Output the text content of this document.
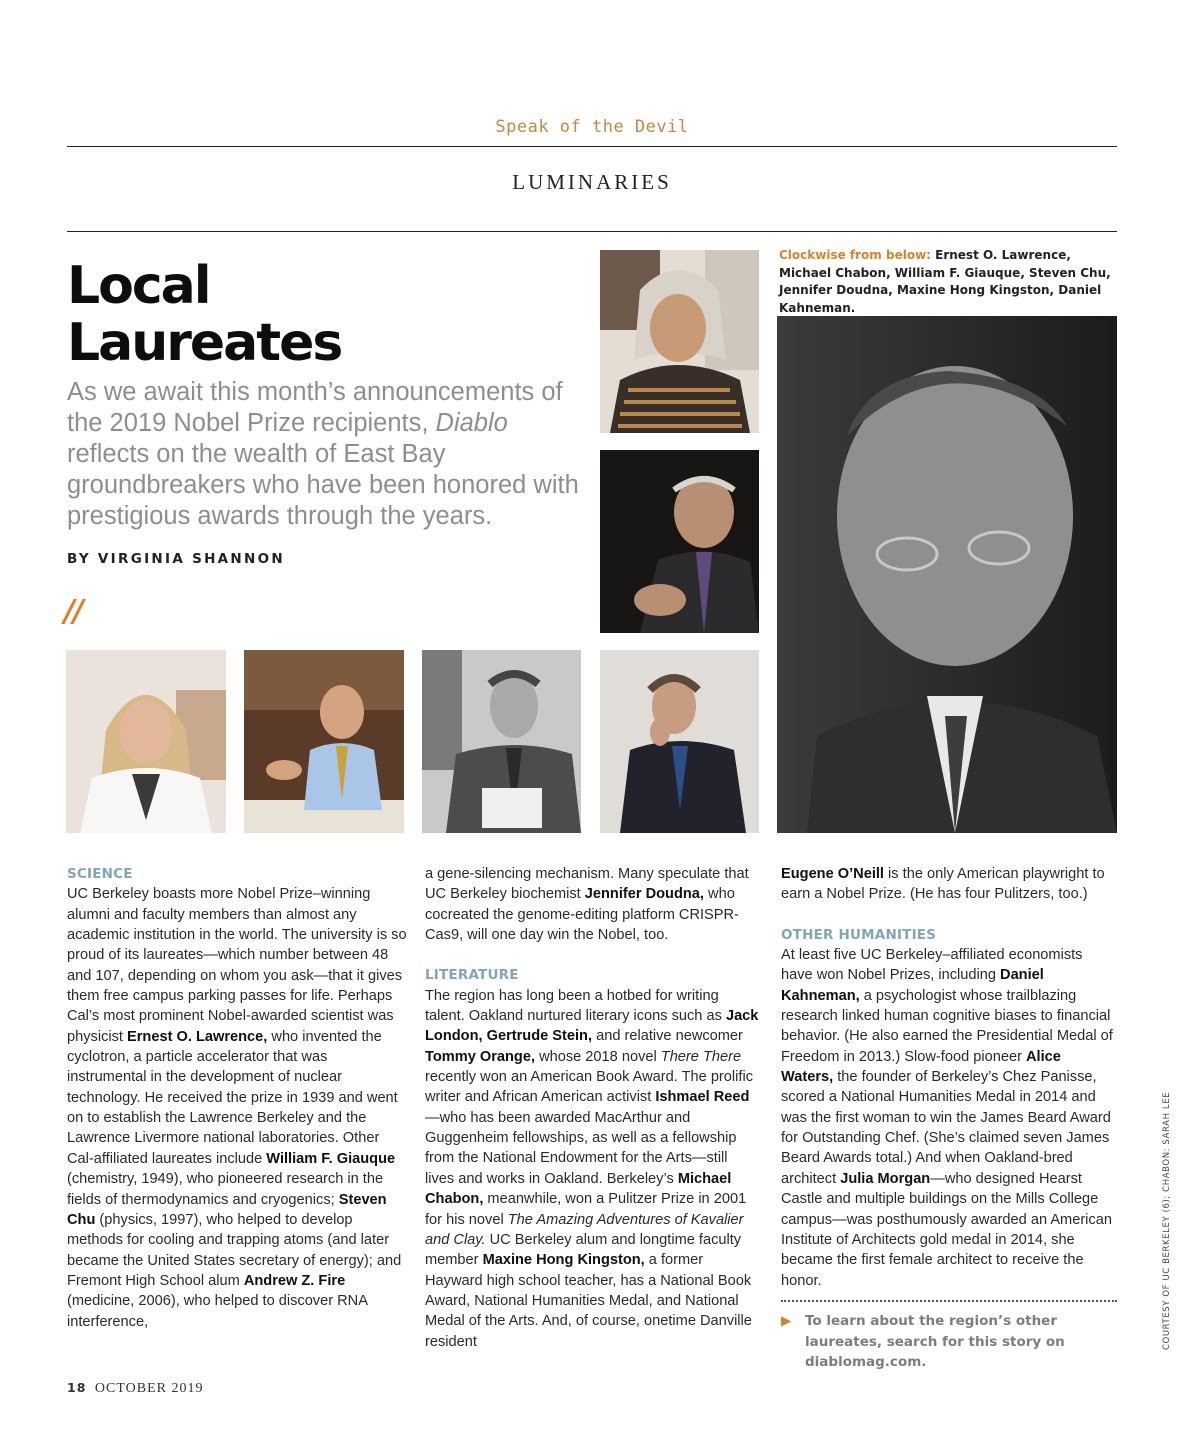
Speak of the Devil
LUMINARIES
Local
Laureates
As we await this month’s announcements of the 2019 Nobel Prize recipients, Diablo reflects on the wealth of East Bay groundbreakers who have been honored with prestigious awards through the years.
BY VIRGINIA SHANNON
//
Clockwise from below: Ernest O. Lawrence, Michael Chabon, William F. Giauque, Steven Chu, Jennifer Doudna, Maxine Hong Kingston, Daniel Kahneman.

SCIENCE

UC Berkeley boasts more Nobel Prize–winning alumni and faculty members than almost any academic institution in the world. The university is so proud of its laureates—which number between 48 and 107, depending on whom you ask—that it gives them free campus parking passes for life. Perhaps Cal’s most prominent Nobel-awarded scientist was physicist Ernest O. Lawrence, who invented the cyclotron, a particle accelerator that was instrumental in the development of nuclear technology. He received the prize in 1939 and went on to establish the Lawrence Berkeley and the Lawrence Livermore national laboratories. Other Cal-affiliated laureates include William F. Giauque (chemistry, 1949), who pioneered research in the fields of thermodynamics and cryogenics; Steven Chu (physics, 1997), who helped to develop methods for cooling and trapping atoms (and later became the United States secretary of energy); and Fremont High School alum Andrew Z. Fire (medicine, 2006), who helped to discover RNA interference,

a gene-silencing mechanism. Many speculate that UC Berkeley biochemist Jennifer Doudna, who cocreated the genome-editing platform CRISPR-Cas9, will one day win the Nobel, too.

LITERATURE

The region has long been a hotbed for writing talent. Oakland nurtured literary icons such as Jack London, Gertrude Stein, and relative newcomer Tommy Orange, whose 2018 novel There There recently won an American Book Award. The prolific writer and African American activist Ishmael Reed—who has been awarded MacArthur and Guggenheim fellowships, as well as a fellowship from the National Endowment for the Arts—still lives and works in Oakland. Berkeley’s Michael Chabon, meanwhile, won a Pulitzer Prize in 2001 for his novel The Amazing Adventures of Kavalier and Clay. UC Berkeley alum and longtime faculty member Maxine Hong Kingston, a former Hayward high school teacher, has a National Book Award, National Humanities Medal, and National Medal of the Arts. And, of course, onetime Danville resident

Eugene O’Neill is the only American playwright to earn a Nobel Prize. (He has four Pulitzers, too.)

OTHER HUMANITIES

At least five UC Berkeley–affiliated economists have won Nobel Prizes, including Daniel Kahneman, a psychologist whose trailblazing research linked human cognitive biases to financial behavior. (He also earned the Presidential Medal of Freedom in 2013.) Slow-food pioneer Alice Waters, the founder of Berkeley’s Chez Panisse, scored a National Humanities Medal in 2014 and was the first woman to win the James Beard Award for Outstanding Chef. (She’s claimed seven James Beard Awards total.) And when Oakland-bred architect Julia Morgan—who designed Hearst Castle and multiple buildings on the Mills College campus—was posthumously awarded an American Institute of Architects gold medal in 2014, she became the first female architect to receive the honor.

▶ To learn about the region’s other laureates, search for this story on diablomag.com.
COURTESY OF UC BERKELEY (6); CHABON: SARAH LEE
18 OCTOBER 2019
